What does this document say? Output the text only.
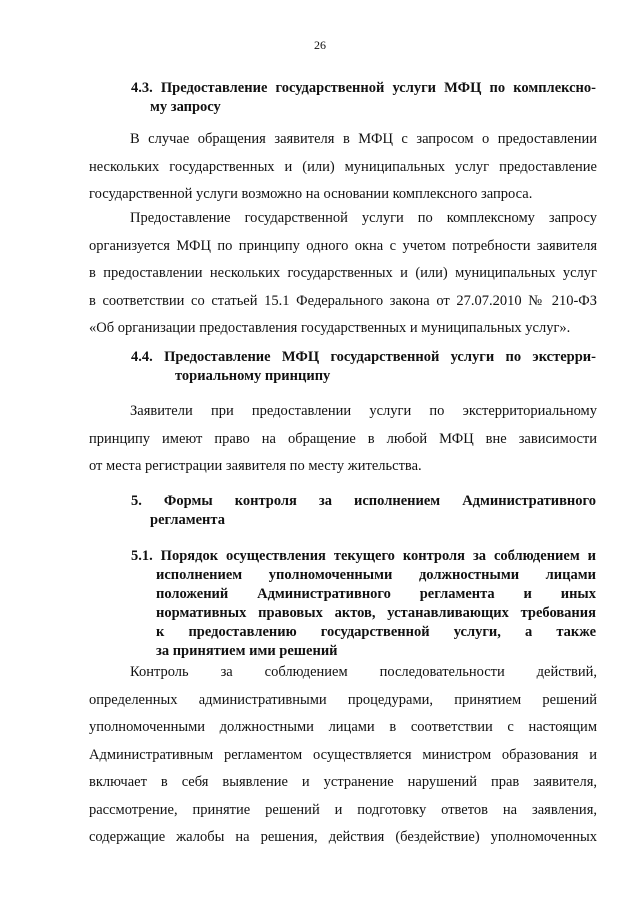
26
4.3. Предоставление государственной услуги МФЦ по комплексно-
му запросу
В случае обращения заявителя в МФЦ с запросом о предоставлении
нескольких государственных и (или) муниципальных услуг предоставление
государственной услуги возможно на основании комплексного запроса.
Предоставление государственной услуги по комплексному запросу
организуется МФЦ по принципу одного окна с учетом потребности заявителя
в предоставлении нескольких государственных и (или) муниципальных услуг
в соответствии со статьей 15.1 Федерального закона от 27.07.2010 № 210-ФЗ
«Об организации предоставления государственных и муниципальных услуг».
4.4. Предоставление МФЦ государственной услуги по экстерри-
ториальному принципу
Заявители при предоставлении услуги по экстерриториальному
принципу имеют право на обращение в любой МФЦ вне зависимости
от места регистрации заявителя по месту жительства.
5. Формы контроля за исполнением Административного
регламента
5.1. Порядок осуществления текущего контроля за соблюдением и
исполнением уполномоченными должностными лицами
положений Административного регламента и иных
нормативных правовых актов, устанавливающих требования
к предоставлению государственной услуги, а также
за принятием ими решений
Контроль за соблюдением последовательности действий,
определенных административными процедурами, принятием решений
уполномоченными должностными лицами в соответствии с настоящим
Административным регламентом осуществляется министром образования и
включает в себя выявление и устранение нарушений прав заявителя,
рассмотрение, принятие решений и подготовку ответов на заявления,
содержащие жалобы на решения, действия (бездействие) уполномоченных
